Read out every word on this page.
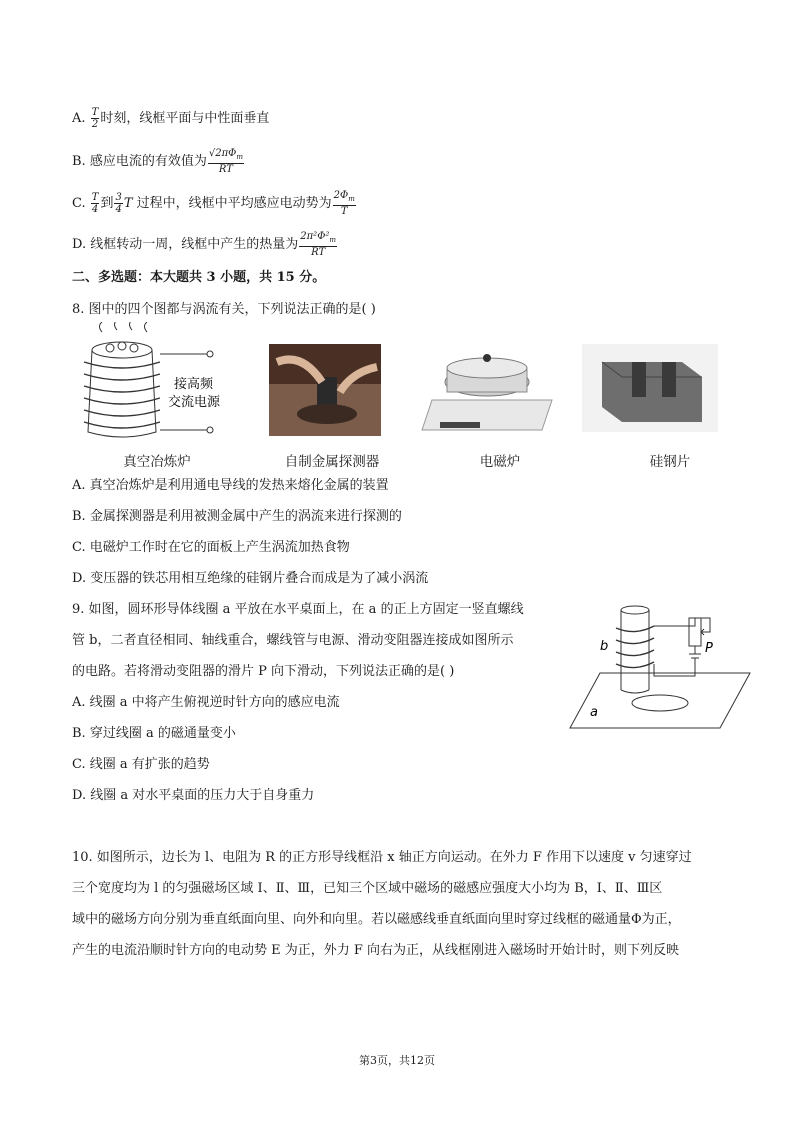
A. $\frac{T}{2}$ 时刻，线框平面与中性面垂直
B. 感应电流的有效值为 $\frac{√2\pi\Phi_m}{RT}$
C. $\frac{T}{4}$ 到 $\frac{3}{4}$ T 过程中，线框中平均感应电动势为 $\frac{2\Phi_m}{T}$
D. 线框转动一周，线框中产生的热量为 $\frac{2\pi^2\Phi^2_m}{RT}$
二、多选题：本大题共 3 小题，共 15 分。
8. 图中的四个图都与涡流有关，下列说法正确的是( )
接高频
交流电源
真空冶炼炉	自制金属探测器	电磁炉	硅钢片
A. 真空冶炼炉是利用通电导线的发热来熔化金属的装置
B. 金属探测器是利用被测金属中产生的涡流来进行探测的
C. 电磁炉工作时在它的面板上产生涡流加热食物
D. 变压器的铁芯用相互绝缘的硅钢片叠合而成是为了减小涡流
9. 如图，圆环形导体线圈 a 平放在水平桌面上，在 a 的正上方固定一竖直螺线
管 b，二者直径相同、轴线重合，螺线管与电源、滑动变阻器连接成如图所示
的电路。若将滑动变阻器的滑片 P 向下滑动，下列说法正确的是( )
A. 线圈 a 中将产生俯视逆时针方向的感应电流
B. 穿过线圈 a 的磁通量变小
C. 线圈 a 有扩张的趋势
D. 线圈 a 对水平桌面的压力大于自身重力
b
a
P
10. 如图所示，边长为 l、电阻为 R 的正方形导线框沿 x 轴正方向运动。在外力 F 作用下以速度 v 匀速穿过
三个宽度均为 l 的匀强磁场区域 Ⅰ、Ⅱ、Ⅲ，已知三个区域中磁场的磁感应强度大小均为 B，Ⅰ、Ⅱ、Ⅲ区
域中的磁场方向分别为垂直纸面向里、向外和向里。若以磁感线垂直纸面向里时穿过线框的磁通量Φ为正，
产生的电流沿顺时针方向的电动势 E 为正，外力 F 向右为正，从线框刚进入磁场时开始计时，则下列反映
第3页，共12页
